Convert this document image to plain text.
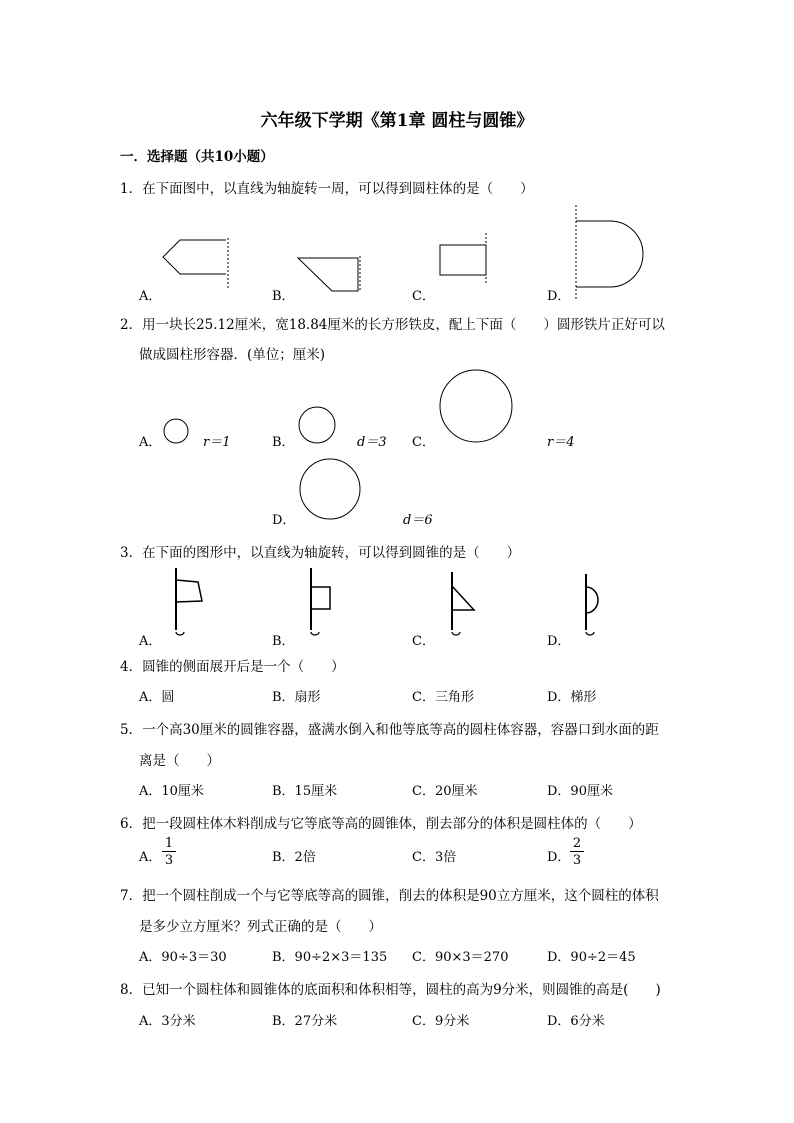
六年级下学期《第1章 圆柱与圆锥》
一．选择题（共10小题）
1．在下面图中，以直线为轴旋转一周，可以得到圆柱体的是（　　）
A．	B．	C．	D．
2．用一块长25.12厘米，宽18.84厘米的长方形铁皮，配上下面（　　）圆形铁片正好可以
做成圆柱形容器．(单位；厘米)
A．	r＝1	B．	d＝3 C．	r＝4
D．	d＝6
3．在下面的图形中，以直线为轴旋转，可以得到圆锥的是（　　）
A．	B．	C．	D．
4．圆锥的侧面展开后是一个（　　）
A．圆	B．扇形	C．三角形	D．梯形
5．一个高30厘米的圆锥容器，盛满水倒入和他等底等高的圆柱体容器，容器口到水面的距
离是（　　）
A．10厘米	B．15厘米	C．20厘米	D．90厘米
6．把一段圆柱体木料削成与它等底等高的圆锥体，削去部分的体积是圆柱体的（　　）
A． $\frac{1}{3}$	B．2倍	C．3倍	D． $\frac{2}{3}$
7．把一个圆柱削成一个与它等底等高的圆锥，削去的体积是90立方厘米，这个圆柱的体积
是多少立方厘米？列式正确的是（　　）
A．90÷3＝30	B．90÷2×3＝135 C．90×3＝270	D．90÷2＝45
8．已知一个圆柱体和圆锥体的底面积和体积相等，圆柱的高为9分米，则圆锥的高是(　　)
A．3分米	B．27分米	C．9分米	D．6分米
